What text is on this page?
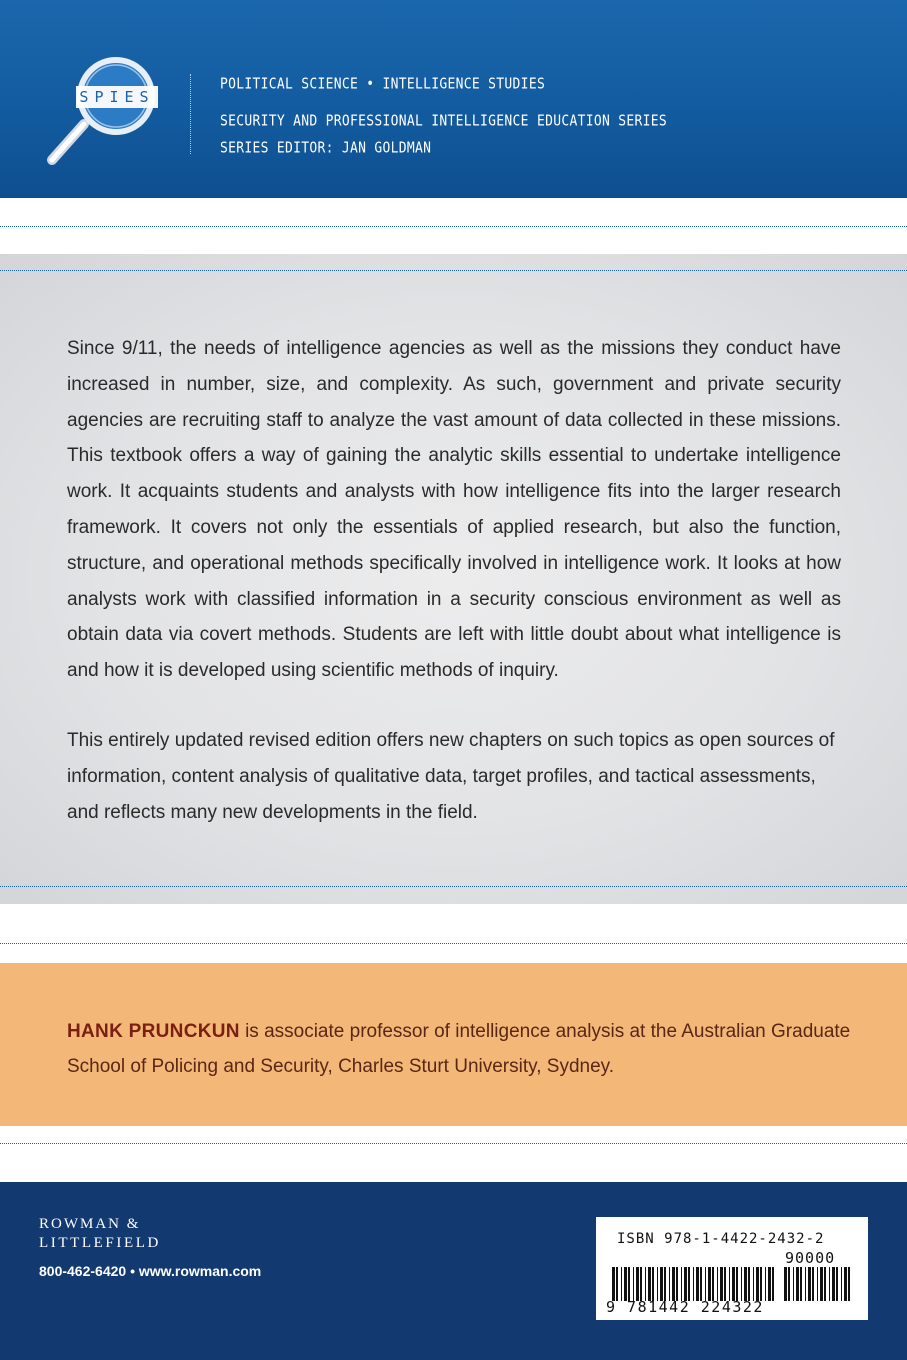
SPIES
POLITICAL SCIENCE • INTELLIGENCE STUDIES
SECURITY AND PROFESSIONAL INTELLIGENCE EDUCATION SERIES
SERIES EDITOR: JAN GOLDMAN

Since 9/11, the needs of intelligence agencies as well as the missions they conduct have increased in number, size, and complexity. As such, government and private security agencies are recruiting staff to analyze the vast amount of data collected in these missions. This textbook offers a way of gaining the analytic skills essential to undertake intelligence work. It acquaints students and analysts with how intelligence fits into the larger research framework. It covers not only the essentials of applied research, but also the function, structure, and operational methods specifically involved in intelligence work. It looks at how analysts work with classified information in a security conscious environment as well as obtain data via covert methods. Students are left with little doubt about what intelligence is and how it is developed using scientific methods of inquiry.

This entirely updated revised edition offers new chapters on such topics as open sources of information, content analysis of qualitative data, target profiles, and tactical assessments, and reflects many new developments in the field.

HANK PRUNCKUN is associate professor of intelligence analysis at the Australian Graduate School of Policing and Security, Charles Sturt University, Sydney.

ROWMAN &
LITTLEFIELD
800-462-6420 • www.rowman.com
ISBN 978-1-4422-2432-2
90000
9 781442 224322
